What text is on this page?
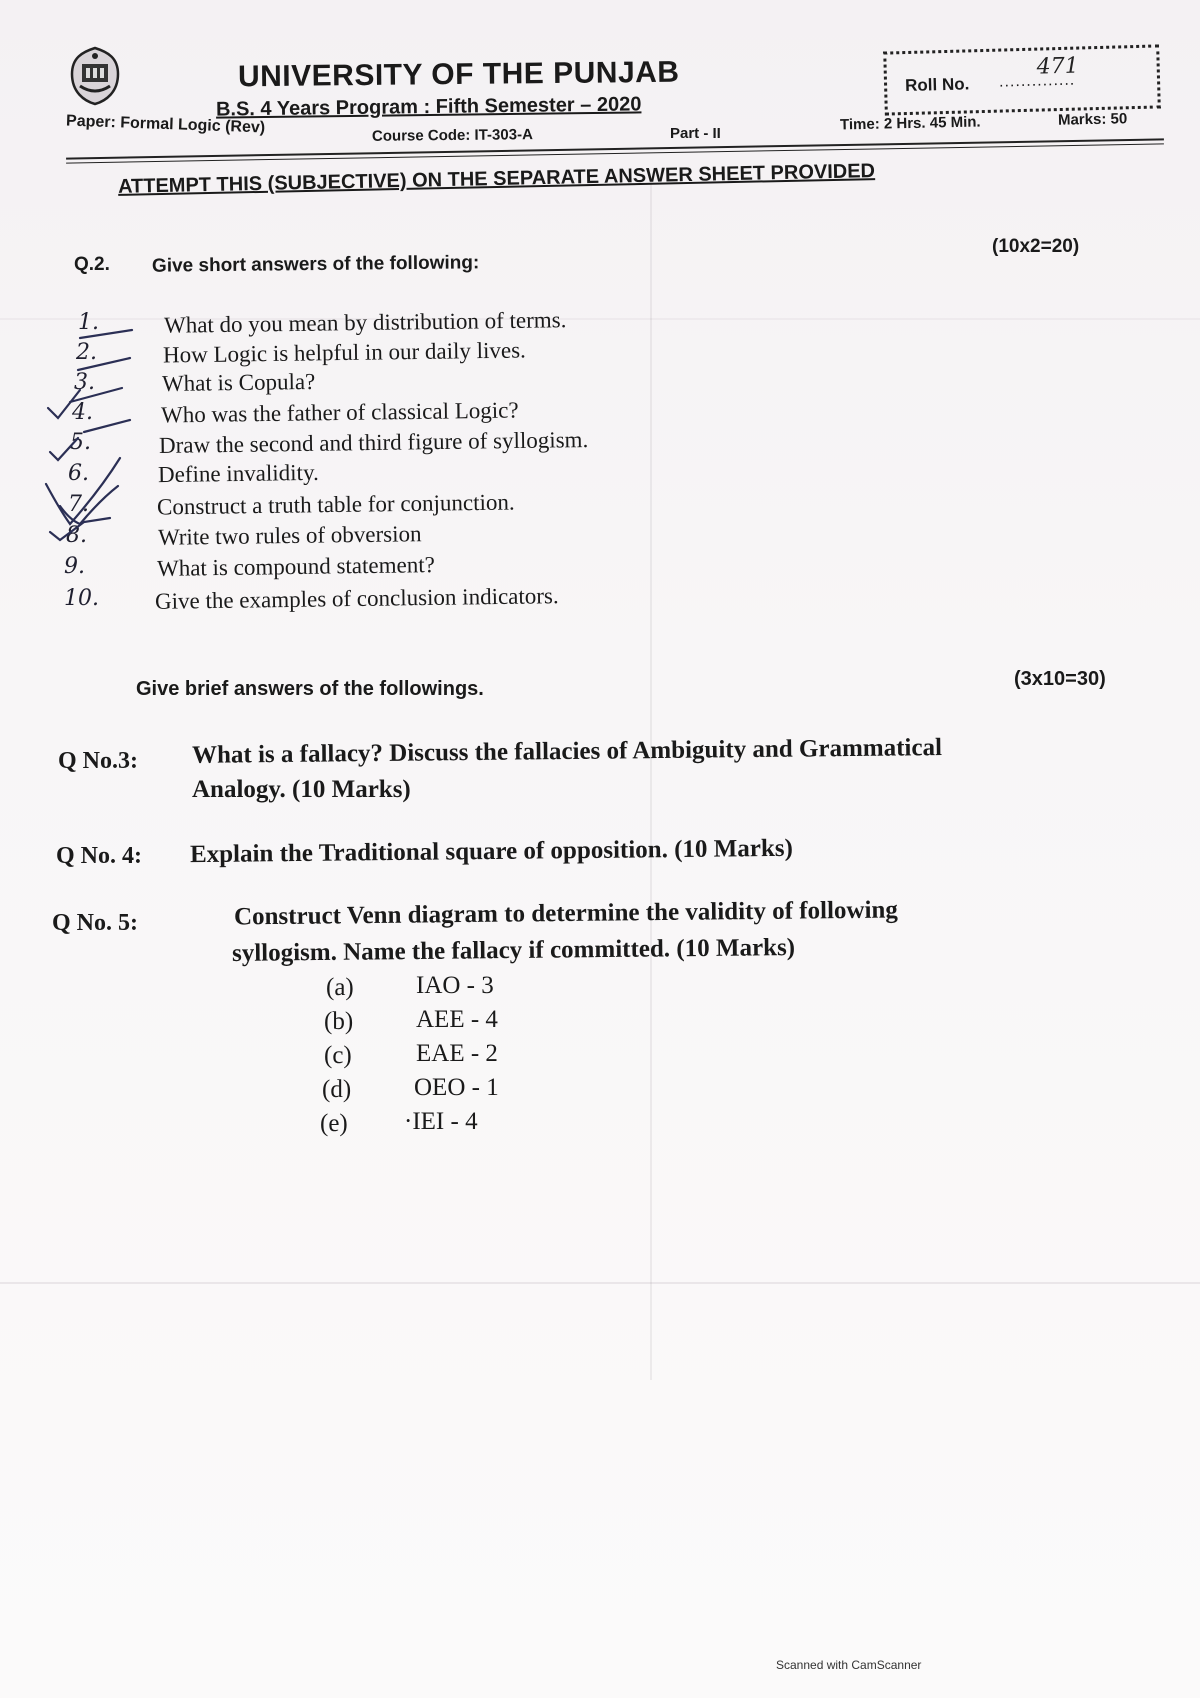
UNIVERSITY OF THE PUNJAB
B.S. 4 Years Program : Fifth Semester – 2020
Paper: Formal Logic (Rev)	Course Code: IT-303-A	Part - II
Time: 2 Hrs. 45 Min.	Marks: 50
Roll No. ..............
471
ATTEMPT THIS (SUBJECTIVE) ON THE SEPARATE ANSWER SHEET PROVIDED
Q.2. Give short answers of the following:
(10x2=20)
1.	What do you mean by distribution of terms.
2.	How Logic is helpful in our daily lives.
3.	What is Copula?
4.	Who was the father of classical Logic?
5.	Draw the second and third figure of syllogism.
6.	Define invalidity.
7.	Construct a truth table for conjunction.
8.	Write two rules of obversion
9.	What is compound statement?
10. Give the examples of conclusion indicators.
Give brief answers of the followings.	(3x10=30)
Q No.3: What is a fallacy? Discuss the fallacies of Ambiguity and Grammatical
Analogy. (10 Marks)
Q No. 4: Explain the Traditional square of opposition. (10 Marks)
Q No. 5:	Construct Venn diagram to determine the validity of following
syllogism. Name the fallacy if committed. (10 Marks)
(a) IAO - 3
(b)	AEE - 4
(c)	EAE - 2
(d)	OEO - 1
(e) ·IEI - 4
Scanned with CamScanner
